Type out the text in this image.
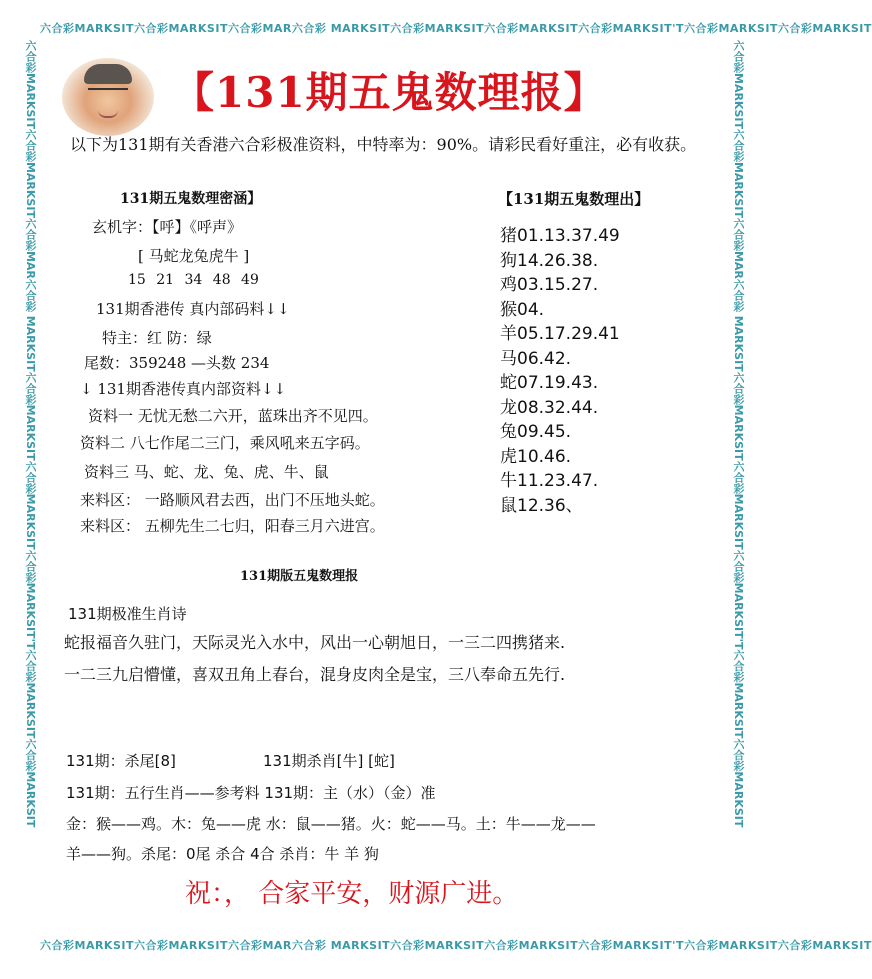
六合彩MARKSIT六合彩MARKSIT六合彩MAR六合彩 MARKSIT六合彩MARKSIT六合彩MARKSIT六合彩MARKSIT'T六合彩MARKSIT六合彩MARKSIT
六合彩MARKSIT六合彩MARKSIT六合彩MAR六合彩 MARKSIT六合彩MARKSIT六合彩MARKSIT六合彩MARKSIT'T六合彩MARKSIT六合彩MARKSIT
六合彩MARKSIT六合彩MARKSIT六合彩MAR六合彩 MARKSIT六合彩MARKSIT六合彩MARKSIT六合彩MARKSIT'T六合彩MARKSIT六合彩MARKSIT	六合彩MARKSIT六合彩MARKSIT六合彩MAR六合彩 MARKSIT六合彩MARKSIT六合彩MARKSIT六合彩MARKSIT'T六合彩MARKSIT六合彩MARKSIT
【131期五鬼数理报】
以下为131期有关香港六合彩极准资料，中特率为：90%。请彩民看好重注，必有收获。
131期五鬼数理密涵】	【131期五鬼数理出】
玄机字：【呼】《呼声》
[ 马蛇龙兔虎牛 ]
15 21 34 48 49
131期香港传 真内部码料↓↓
特主：红 防：绿
尾数：359248 —头数 234
↓ 131期香港传真内部资料↓↓
资料一 无忧无愁二六开，蓝珠出齐不见四。
资料二 八七作尾二三门，乘风吼来五字码。
资料三 马、蛇、龙、兔、虎、牛、鼠
来料区： 一路顺风君去西，出门不压地头蛇。
来料区： 五柳先生二七归，阳春三月六进宫。
猪01.13.37.49
狗14.26.38.
鸡03.15.27.
猴04.
羊05.17.29.41
马06.42.
蛇07.19.43.
龙08.32.44.
兔09.45.
虎10.46.
牛11.23.47.
鼠12.36、
131期版五鬼数理报
131期极准生肖诗
蛇报福音久驻门，天际灵光入水中，风出一心朝旭日，一三二四携猪来.
一二三九启懵懂，喜双丑角上春台，混身皮肉全是宝，三八奉命五先行.
131期：杀尾[8]	131期杀肖[牛] [蛇]
131期：五行生肖——参考料 131期：主（水）（金）准
金：猴——鸡。木：兔——虎 水：鼠——猪。火：蛇——马。土：牛——龙——
羊——狗。杀尾：0尾 杀合 4合 杀肖：牛 羊 狗
祝：， 合家平安，财源广进。
